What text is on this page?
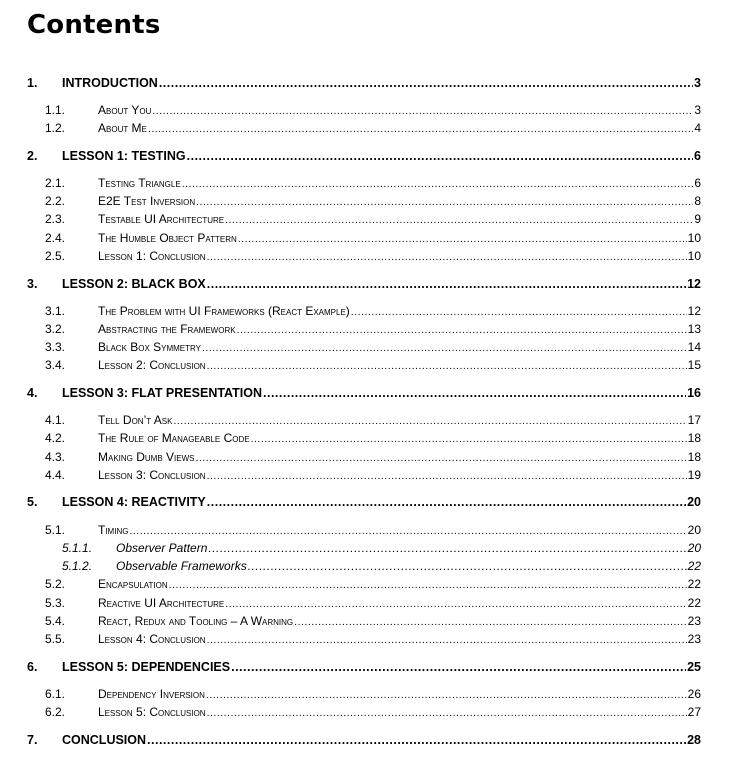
Contents
1. INTRODUCTION .....	3
1.1.	About You .....	3
1.2.	About Me .....	4
2. LESSON 1: TESTING .....	6
2.1.	Testing Triangle .....	6
2.2.	E2E Test Inversion .....	8
2.3.	Testable UI Architecture .....	9
2.4.	The Humble Object Pattern .....	10
2.5.	Lesson 1: Conclusion .....	10
3. LESSON 2: BLACK BOX .....	12
3.1.	The Problem with UI Frameworks (React Example) .....	12
3.2.	Abstracting the Framework .....	13
3.3.	Black Box Symmetry .....	14
3.4.	Lesson 2: Conclusion .....	15
4. LESSON 3: FLAT PRESENTATION .....	16
4.1.	Tell Don’t Ask .....	17
4.2.	The Rule of Manageable Code .....	18
4.3.	Making Dumb Views .....	18
4.4.	Lesson 3: Conclusion .....	19
5. LESSON 4: REACTIVITY .....	20
5.1.	Timing .....	20
5.1.1. Observer Pattern .....	20
5.1.2. Observable Frameworks .....	22
5.2.	Encapsulation .....	22
5.3.	Reactive UI Architecture .....	22
5.4.	React, Redux and Tooling – A Warning .....	23
5.5.	Lesson 4: Conclusion .....	23
6. LESSON 5: DEPENDENCIES .....	25
6.1.	Dependency Inversion .....	26
6.2.	Lesson 5: Conclusion .....	27
7. CONCLUSION .....	28
